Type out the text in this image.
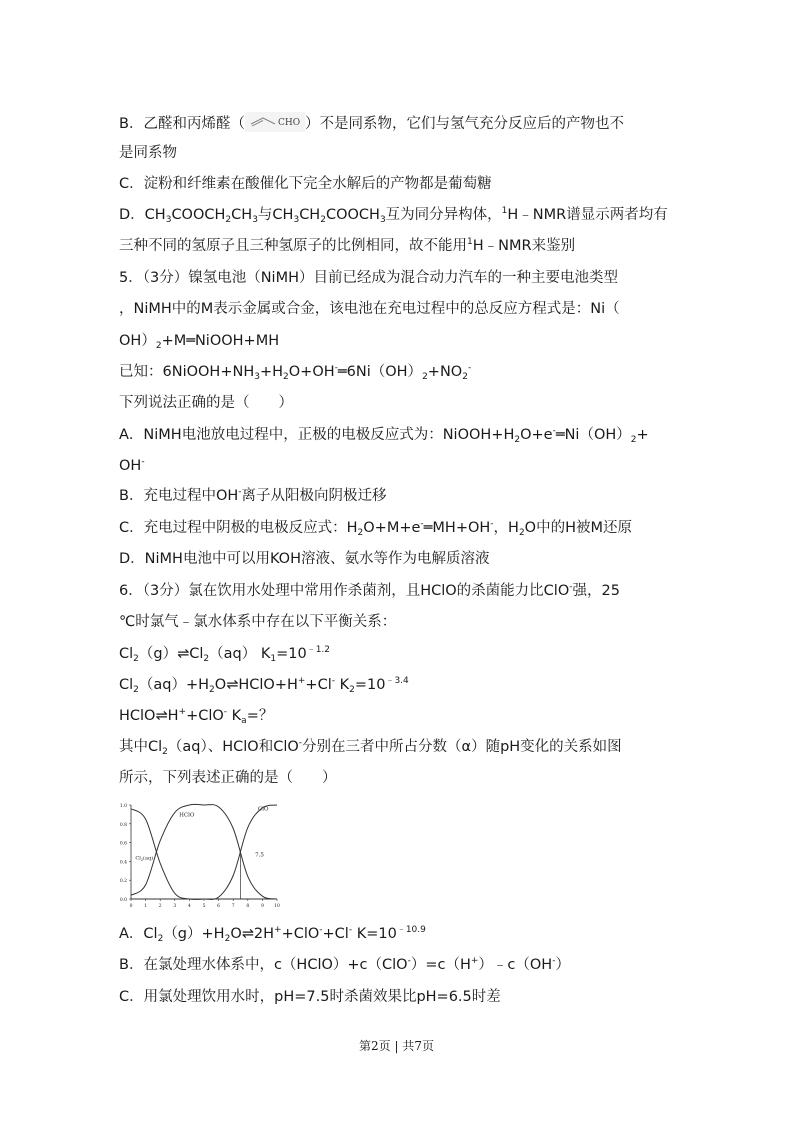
B．乙醛和丙烯醛（	CHO ）不是同系物，它们与氢气充分反应后的产物也不
是同系物
C．淀粉和纤维素在酸催化下完全水解后的产物都是葡萄糖
D．$CH_3COOCH_2CH_3$与$CH_3CH_2COOCH_3$互为同分异构体，$^1$H﹣NMR谱显示两者均有
三种不同的氢原子且三种氢原子的比例相同，故不能用$^1$H﹣NMR来鉴别
5．（3分）镍氢电池（NiMH）目前已经成为混合动力汽车的一种主要电池类型
，NiMH中的M表示金属或合金，该电池在充电过程中的总反应方程式是：Ni（
$OH)_2+M═NiOOH+MH$
已知：$6NiOOH+NH_3+H_2O+OH^-═6Ni(OH)_2+NO_2^-$
下列说法正确的是（　　）
A．NiMH电池放电过程中，正极的电极反应式为：$NiOOH+H_2O+e^-═Ni(OH)_2+$
OH-
B．充电过程中OH-离子从阳极向阴极迁移
C．充电过程中阴极的电极反应式：$H_2O+M+e^-═MH+OH^-$，$H_2O$中的H被M还原
D．NiMH电池中可以用KOH溶液、氨水等作为电解质溶液
6．（3分）氯在饮用水处理中常用作杀菌剂，且HClO的杀菌能力比ClO-强，25
℃时氯气﹣氯水体系中存在以下平衡关系：
$Cl_2(g)\rightleftharpoons Cl_2(aq)$ $K_1=10^{﹣1.2}$
$Cl_2(aq)+H_2O\rightleftharpoons HClO+H^++Cl^-$ $K_2=10^{﹣3.4}$
HClO⇌H++ClO- $K_a=$？
其中$Cl_2(aq)$、HClO和ClO-分别在三者中所占分数（α）随pH变化的关系如图
所示，下列表述正确的是（　　）
0.0
0.2
0.4
0.6
0.8
1.0
0	1	2	3	4	5	6	7	8	9 10
HClO
ClO
$Cl_2(aq)$	7.5
A．$Cl_2(g)+H_2O\rightleftharpoons 2H^++ClO^-+Cl^-$ $K=10^{﹣10.9}$
B．在氯处理水体系中，c（HClO）+c（ClO-）=c（H+）﹣c（OH-）
C．用氯处理饮用水时，pH=7.5时杀菌效果比pH=6.5时差
第2页 | 共7页
